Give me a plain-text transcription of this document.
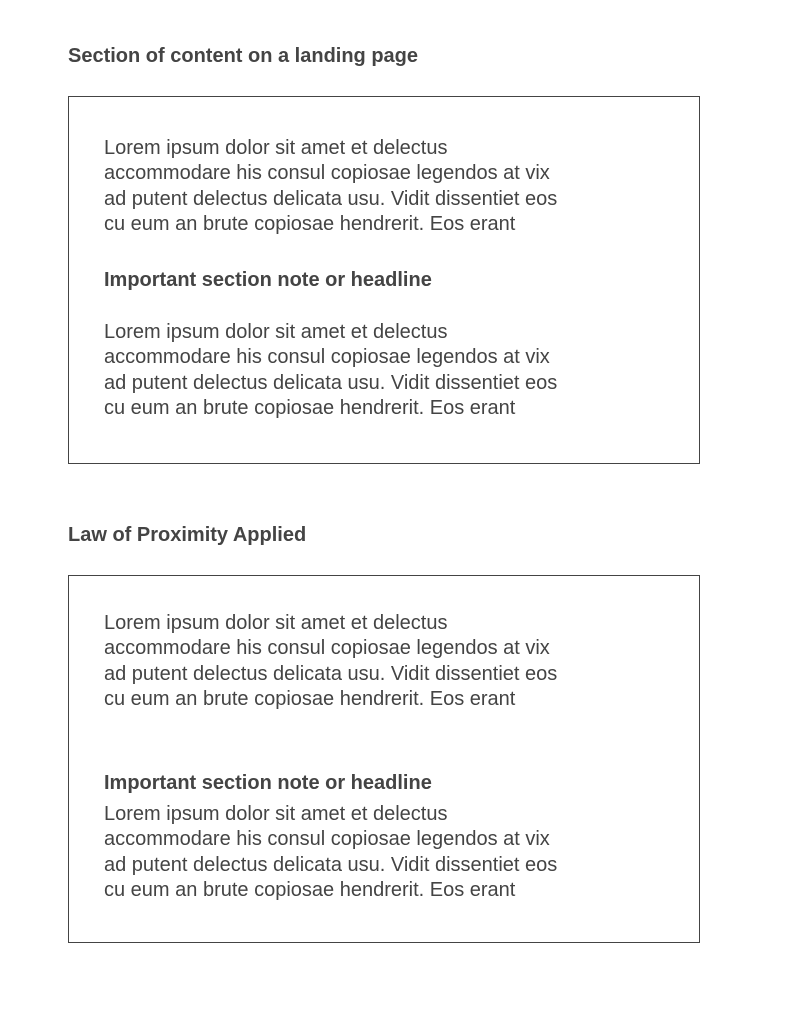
Section of content on a landing page

Lorem ipsum dolor sit amet et delectus
accommodare his consul copiosae legendos at vix
ad putent delectus delicata usu. Vidit dissentiet eos
cu eum an brute copiosae hendrerit. Eos erant

Important section note or headline

Lorem ipsum dolor sit amet et delectus
accommodare his consul copiosae legendos at vix
ad putent delectus delicata usu. Vidit dissentiet eos
cu eum an brute copiosae hendrerit. Eos erant

Law of Proximity Applied

Lorem ipsum dolor sit amet et delectus
accommodare his consul copiosae legendos at vix
ad putent delectus delicata usu. Vidit dissentiet eos
cu eum an brute copiosae hendrerit. Eos erant

Important section note or headline

Lorem ipsum dolor sit amet et delectus
accommodare his consul copiosae legendos at vix
ad putent delectus delicata usu. Vidit dissentiet eos
cu eum an brute copiosae hendrerit. Eos erant
